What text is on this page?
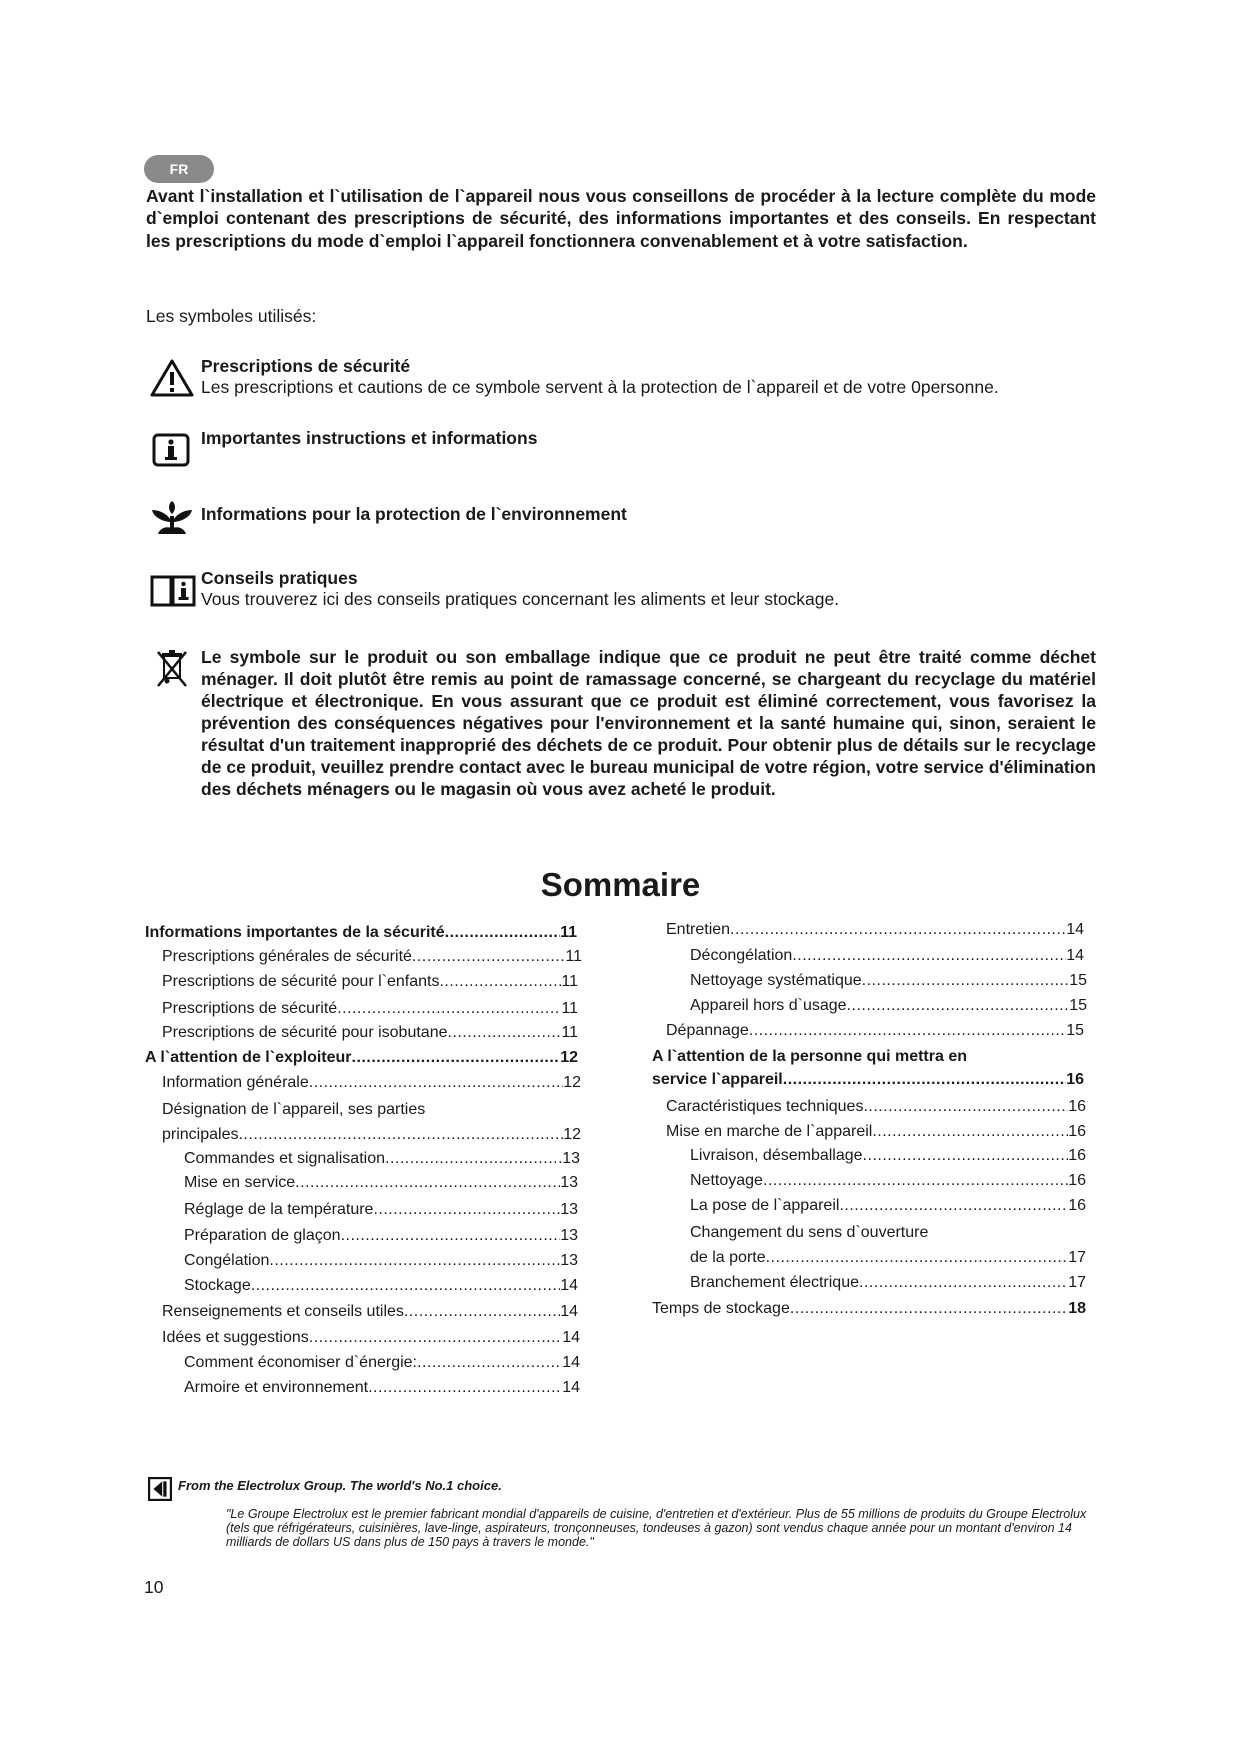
FR

Avant l`installation et l`utilisation de l`appareil nous vous conseillons de procéder à la lecture complète du mode d`emploi contenant des prescriptions de sécurité, des informations importantes et des conseils. En respectant les prescriptions du mode d`emploi l`appareil fonctionnera convenablement et à votre satisfaction.

Les symboles utilisés:

Prescriptions de sécurité

Les prescriptions et cautions de ce symbole servent à la protection de l`appareil et de votre 0personne.

Importantes instructions et informations

Informations pour la protection de l`environnement

Conseils pratiques

Vous trouverez ici des conseils pratiques concernant les aliments et leur stockage.

Le symbole sur le produit ou son emballage indique que ce produit ne peut être traité comme déchet ménager. Il doit plutôt être remis au point de ramassage concerné, se chargeant du recyclage du matériel électrique et électronique. En vous assurant que ce produit est éliminé correctement, vous favorisez la prévention des conséquences négatives pour l'environnement et la santé humaine qui, sinon, seraient le résultat d'un traitement inapproprié des déchets de ce produit. Pour obtenir plus de détails sur le recyclage de ce produit, veuillez prendre contact avec le bureau municipal de votre région, votre service d'élimination des déchets ménagers ou le magasin où vous avez acheté le produit.

Sommaire
Informations importantes de la sécurité .....	11
Prescriptions générales de sécurité .....	11
Prescriptions de sécurité pour l`enfants .....	11
Prescriptions de sécurité .....	11
Prescriptions de sécurité pour isobutane .....	11
A l`attention de l`exploiteur .....	12
Information générale .....	12
Désignation de l`appareil, ses parties
principales .....	12
Commandes et signalisation .....	13
Mise en service .....	13
Réglage de la température .....	13
Préparation de glaçon .....	13
Congélation .....	13
Stockage .....	14
Renseignements et conseils utiles .....	14
Idées et suggestions .....	14
Comment économiser d`énergie: .....	14
Armoire et environnement .....	14
Entretien .....	14
Décongélation .....	14
Nettoyage systématique .....	15
Appareil hors d`usage .....	15
Dépannage .....	15
A l`attention de la personne qui mettra en
service l`appareil .....	16
Caractéristiques techniques .....	16
Mise en marche de l`appareil .....	16
Livraison, désemballage .....	16
Nettoyage .....	16
La pose de l`appareil .....	16
Changement du sens d`ouverture
de la porte .....	17
Branchement électrique .....	17
Temps de stockage .....	18

From the Electrolux Group. The world's No.1 choice.

"Le Groupe Electrolux est le premier fabricant mondial d'appareils de cuisine, d'entretien et d'extérieur. Plus de 55 millions de produits du Groupe Electrolux (tels que réfrigérateurs, cuisinières, lave-linge, aspirateurs, tronçonneuses, tondeuses à gazon) sont vendus chaque année pour un montant d'environ 14 milliards de dollars US dans plus de 150 pays à travers le monde."

10
